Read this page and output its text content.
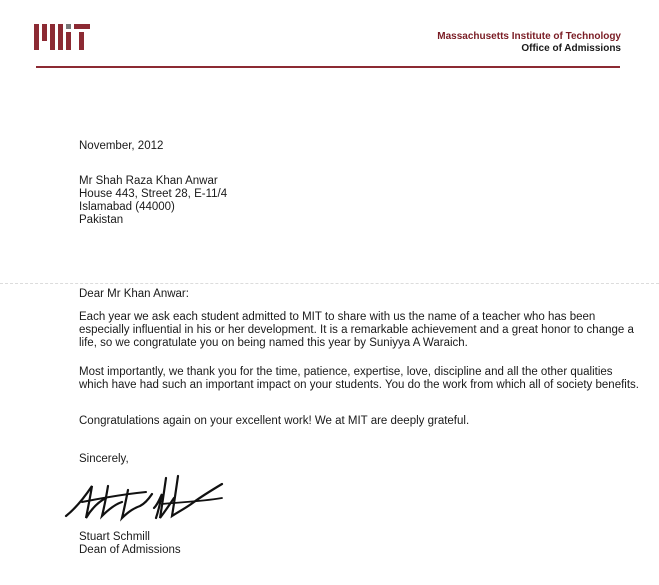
Massachusetts Institute of Technology
Office of Admissions
November, 2012
Mr Shah Raza Khan Anwar
House 443, Street 28, E-11/4
Islamabad (44000)
Pakistan
Dear Mr Khan Anwar:
Each year we ask each student admitted to MIT to share with us the name of a teacher who has been especially influential in his or her development. It is a remarkable achievement and a great honor to change a life, so we congratulate you on being named this year by Suniyya A Waraich.
Most importantly, we thank you for the time, patience, expertise, love, discipline and all the other qualities which have had such an important impact on your students. You do the work from which all of society benefits.
Congratulations again on your excellent work! We at MIT are deeply grateful.
Sincerely,
Stuart Schmill
Dean of Admissions
